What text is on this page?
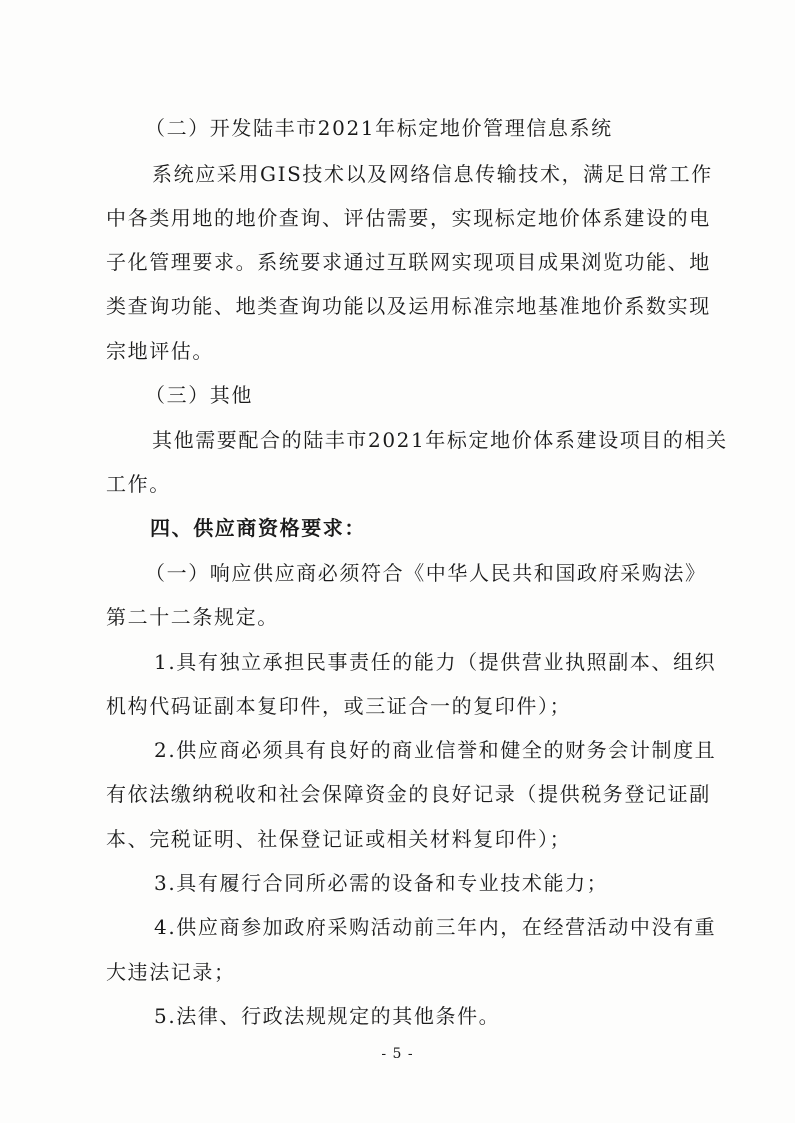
（二）开发陆丰市2021年标定地价管理信息系统
系统应采用GIS技术以及网络信息传输技术，满足日常工作
中各类用地的地价查询、评估需要，实现标定地价体系建设的电
子化管理要求。系统要求通过互联网实现项目成果浏览功能、地
类查询功能、地类查询功能以及运用标准宗地基准地价系数实现
宗地评估。
（三）其他
其他需要配合的陆丰市2021年标定地价体系建设项目的相关
工作。
四、供应商资格要求：
（一）响应供应商必须符合《中华人民共和国政府采购法》
第二十二条规定。
1.具有独立承担民事责任的能力（提供营业执照副本、组织
机构代码证副本复印件，或三证合一的复印件）；
2.供应商必须具有良好的商业信誉和健全的财务会计制度且
有依法缴纳税收和社会保障资金的良好记录（提供税务登记证副
本、完税证明、社保登记证或相关材料复印件）；
3.具有履行合同所必需的设备和专业技术能力；
4.供应商参加政府采购活动前三年内，在经营活动中没有重
大违法记录；
5.法律、行政法规规定的其他条件。
- 5 -
